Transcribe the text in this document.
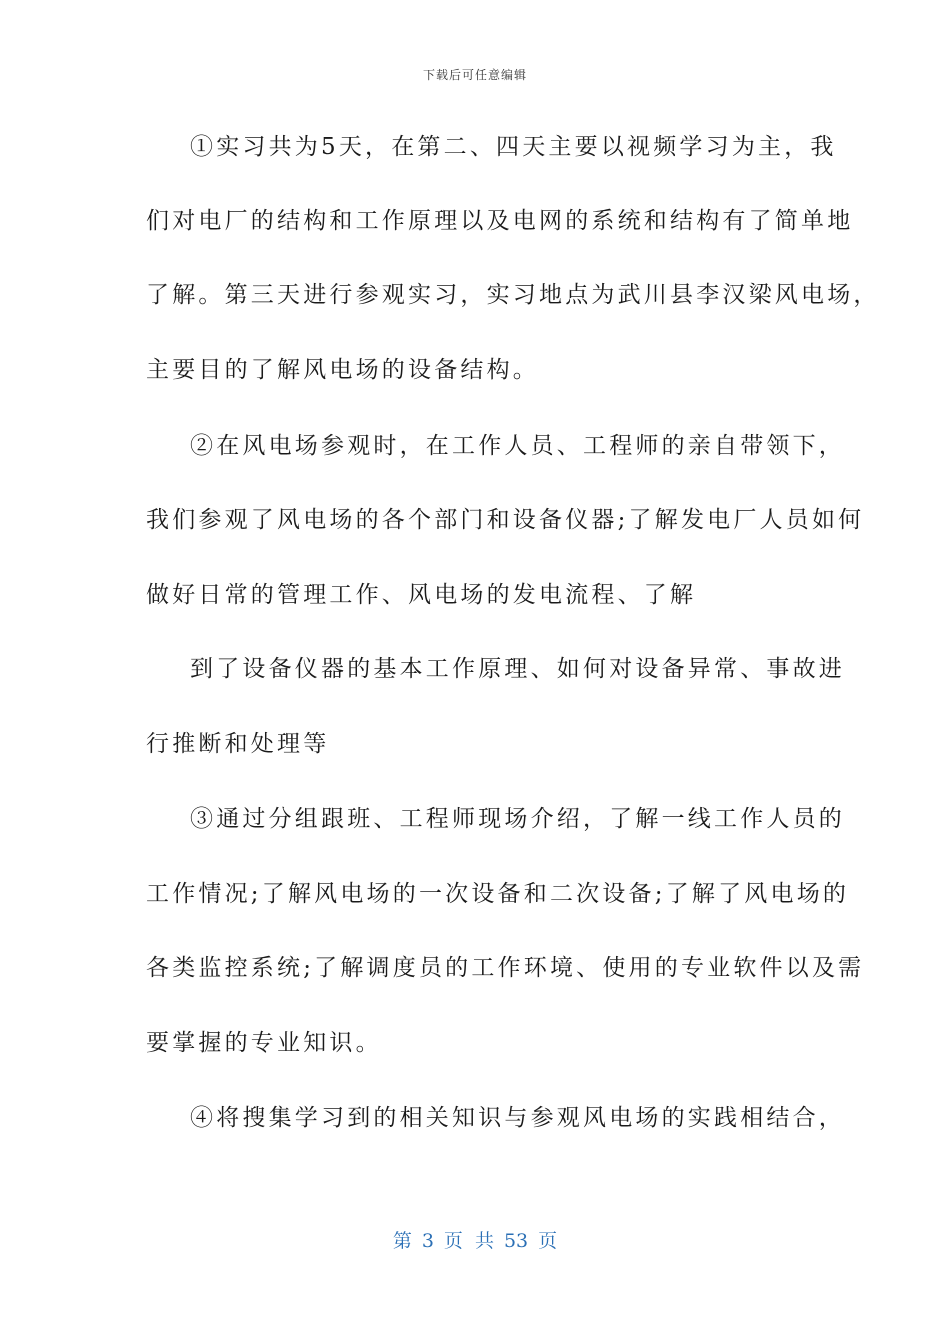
下载后可任意编辑
①实习共为5天，在第二、四天主要以视频学习为主，我
们对电厂的结构和工作原理以及电网的系统和结构有了简单地
了解。第三天进行参观实习，实习地点为武川县李汉梁风电场，
主要目的了解风电场的设备结构。
②在风电场参观时，在工作人员、工程师的亲自带领下，
我们参观了风电场的各个部门和设备仪器;了解发电厂人员如何
做好日常的管理工作、风电场的发电流程、了解
到了设备仪器的基本工作原理、如何对设备异常、事故进
行推断和处理等
③通过分组跟班、工程师现场介绍，了解一线工作人员的
工作情况;了解风电场的一次设备和二次设备;了解了风电场的
各类监控系统;了解调度员的工作环境、使用的专业软件以及需
要掌握的专业知识。
④将搜集学习到的相关知识与参观风电场的实践相结合，
第 3 页 共 53 页
